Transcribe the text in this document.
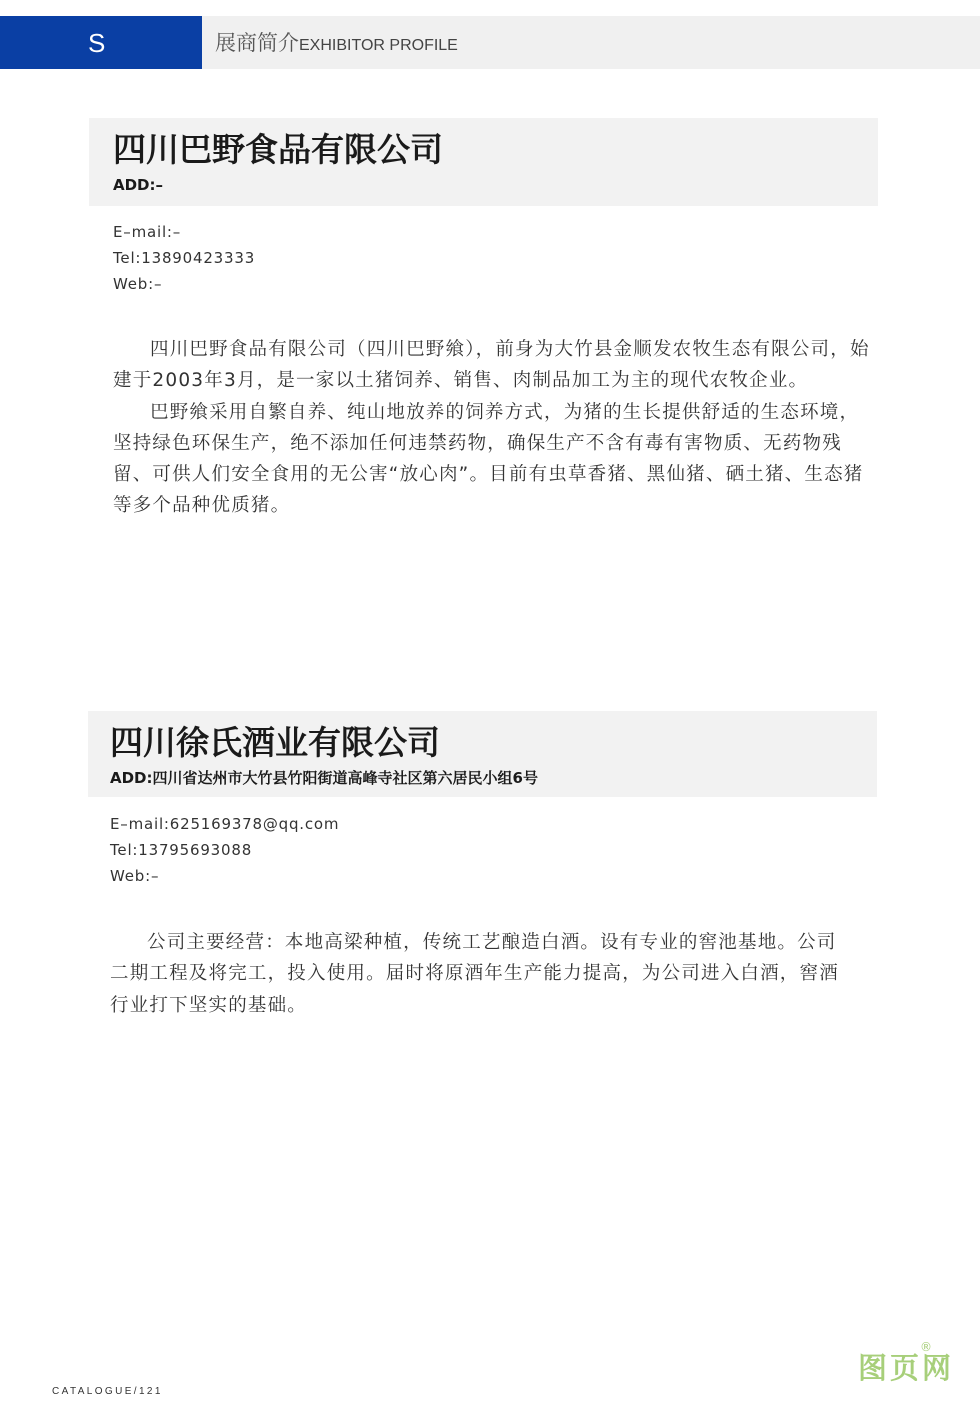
S	展商简介EXHIBITOR PROFILE
四川巴野食品有限公司
ADD:–
E–mail:–
Tel:13890423333
Web:–

四川巴野食品有限公司（四川巴野飨），前身为大竹县金顺发农牧生态有限公司，始建于2003年3月，是一家以土猪饲养、销售、肉制品加工为主的现代农牧企业。

巴野飨采用自繁自养、纯山地放养的饲养方式，为猪的生长提供舒适的生态环境，坚持绿色环保生产，绝不添加任何违禁药物，确保生产不含有毒有害物质、无药物残留、可供人们安全食用的无公害“放心肉”。目前有虫草香猪、黑仙猪、硒土猪、生态猪等多个品种优质猪。

四川徐氏酒业有限公司
ADD:四川省达州市大竹县竹阳街道高峰寺社区第六居民小组6号
E–mail:625169378@qq.com
Tel:13795693088
Web:–

公司主要经营：本地高梁种植，传统工艺酿造白酒。设有专业的窖池基地。公司二期工程及将完工，投入使用。届时将原酒年生产能力提高，为公司进入白酒，窖酒行业打下坚实的基础。

CATALOGUE/121
图页网
®
